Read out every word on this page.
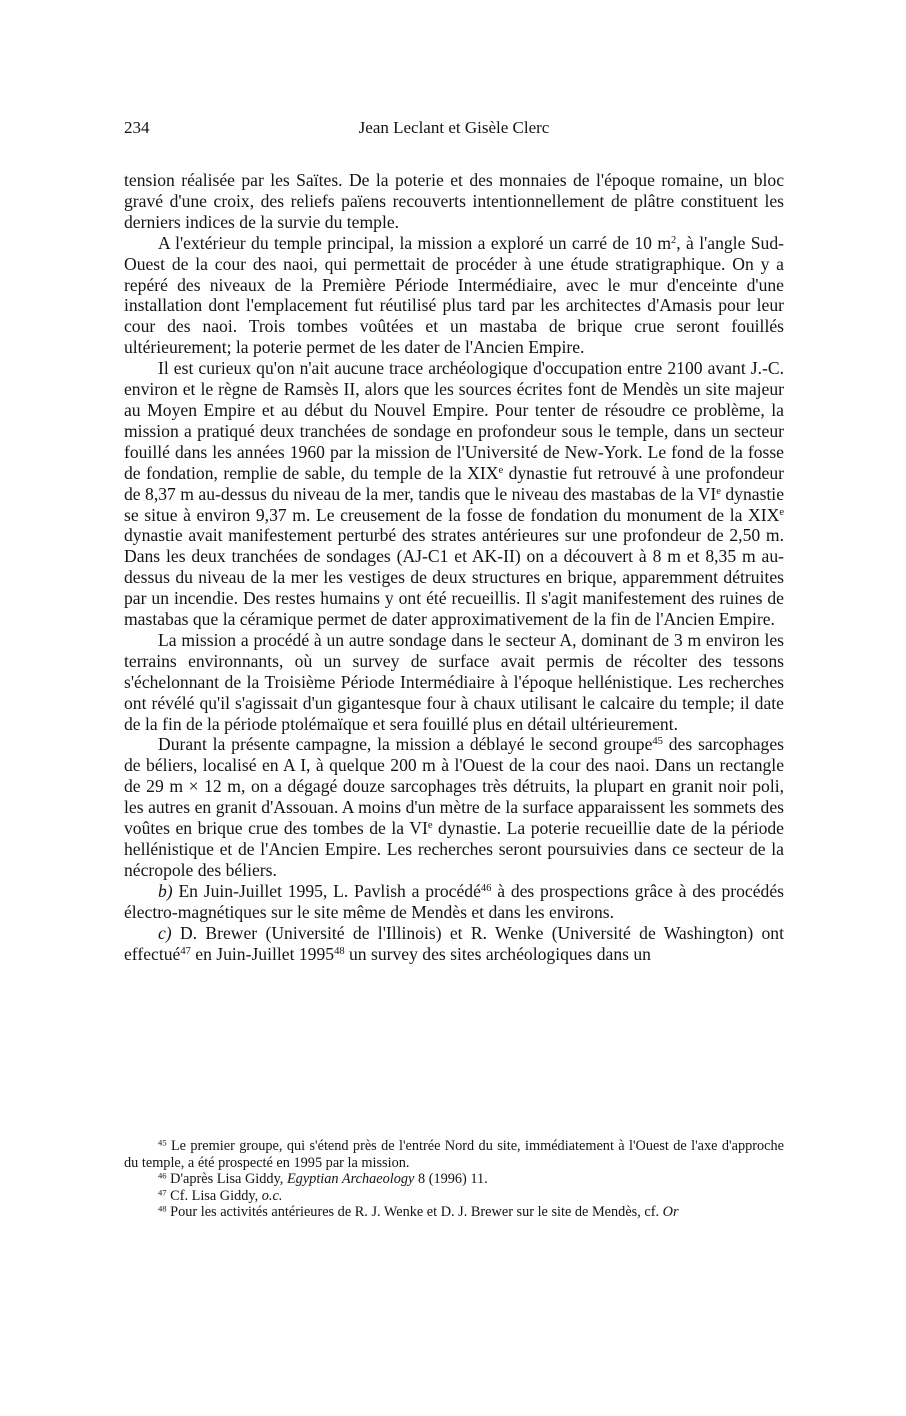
234	Jean Leclant et Gisèle Clerc

tension réalisée par les Saïtes. De la poterie et des monnaies de l'époque romaine, un bloc gravé d'une croix, des reliefs païens recouverts intentionnellement de plâtre constituent les derniers indices de la survie du temple.

A l'extérieur du temple principal, la mission a exploré un carré de 10 $m^2$, à l'angle Sud-Ouest de la cour des naoi, qui permettait de procéder à une étude stratigraphique. On y a repéré des niveaux de la Première Période Intermédiaire, avec le mur d'enceinte d'une installation dont l'emplacement fut réutilisé plus tard par les architectes d'Amasis pour leur cour des naoi. Trois tombes voûtées et un mastaba de brique crue seront fouillés ultérieurement; la poterie permet de les dater de l'Ancien Empire.

Il est curieux qu'on n'ait aucune trace archéologique d'occupation entre 2100 avant J.-C. environ et le règne de Ramsès II, alors que les sources écrites font de Mendès un site majeur au Moyen Empire et au début du Nouvel Empire. Pour tenter de résoudre ce problème, la mission a pratiqué deux tranchées de sondage en profondeur sous le temple, dans un secteur fouillé dans les années 1960 par la mission de l'Université de New-York. Le fond de la fosse de fondation, remplie de sable, du temple de la XIXe dynastie fut retrouvé à une profondeur de 8,37 m au-dessus du niveau de la mer, tandis que le niveau des mastabas de la VIe dynastie se situe à environ 9,37 m. Le creusement de la fosse de fondation du monument de la XIXe dynastie avait manifestement perturbé des strates antérieures sur une profondeur de 2,50 m. Dans les deux tranchées de sondages (AJ-C1 et AK-II) on a découvert à 8 m et 8,35 m au-dessus du niveau de la mer les vestiges de deux structures en brique, apparemment détruites par un incendie. Des restes humains y ont été recueillis. Il s'agit manifestement des ruines de mastabas que la céramique permet de dater approximativement de la fin de l'Ancien Empire.

La mission a procédé à un autre sondage dans le secteur A, dominant de 3 m environ les terrains environnants, où un survey de surface avait permis de récolter des tessons s'échelonnant de la Troisième Période Intermédiaire à l'époque hellénistique. Les recherches ont révélé qu'il s'agissait d'un gigantesque four à chaux utilisant le calcaire du temple; il date de la fin de la période ptolémaïque et sera fouillé plus en détail ultérieurement.

Durant la présente campagne, la mission a déblayé le second groupe$^{45}$ des sarcophages de béliers, localisé en A I, à quelque 200 m à l'Ouest de la cour des naoi. Dans un rectangle de 29 m × 12 m, on a dégagé douze sarcophages très détruits, la plupart en granit noir poli, les autres en granit d'Assouan. A moins d'un mètre de la surface apparaissent les sommets des voûtes en brique crue des tombes de la VIe dynastie. La poterie recueillie date de la période hellénistique et de l'Ancien Empire. Les recherches seront poursuivies dans ce secteur de la nécropole des béliers.

b) En Juin-Juillet 1995, L. Pavlish a procédé$^{46}$ à des prospections grâce à des procédés électro-magnétiques sur le site même de Mendès et dans les environs.

c) D. Brewer (Université de l'Illinois) et R. Wenke (Université de Washington) ont effectué$^{47}$ en Juin-Juillet 1995$^{48}$ un survey des sites archéologiques dans un

$^{45}$ Le premier groupe, qui s'étend près de l'entrée Nord du site, immédiatement à l'Ouest de l'axe d'approche du temple, a été prospecté en 1995 par la mission.

$^{46}$ D'après Lisa Giddy, Egyptian Archaeology 8 (1996) 11.

$^{47}$ Cf. Lisa Giddy, o.c.

$^{48}$ Pour les activités antérieures de R. J. Wenke et D. J. Brewer sur le site de Mendès, cf. Or
